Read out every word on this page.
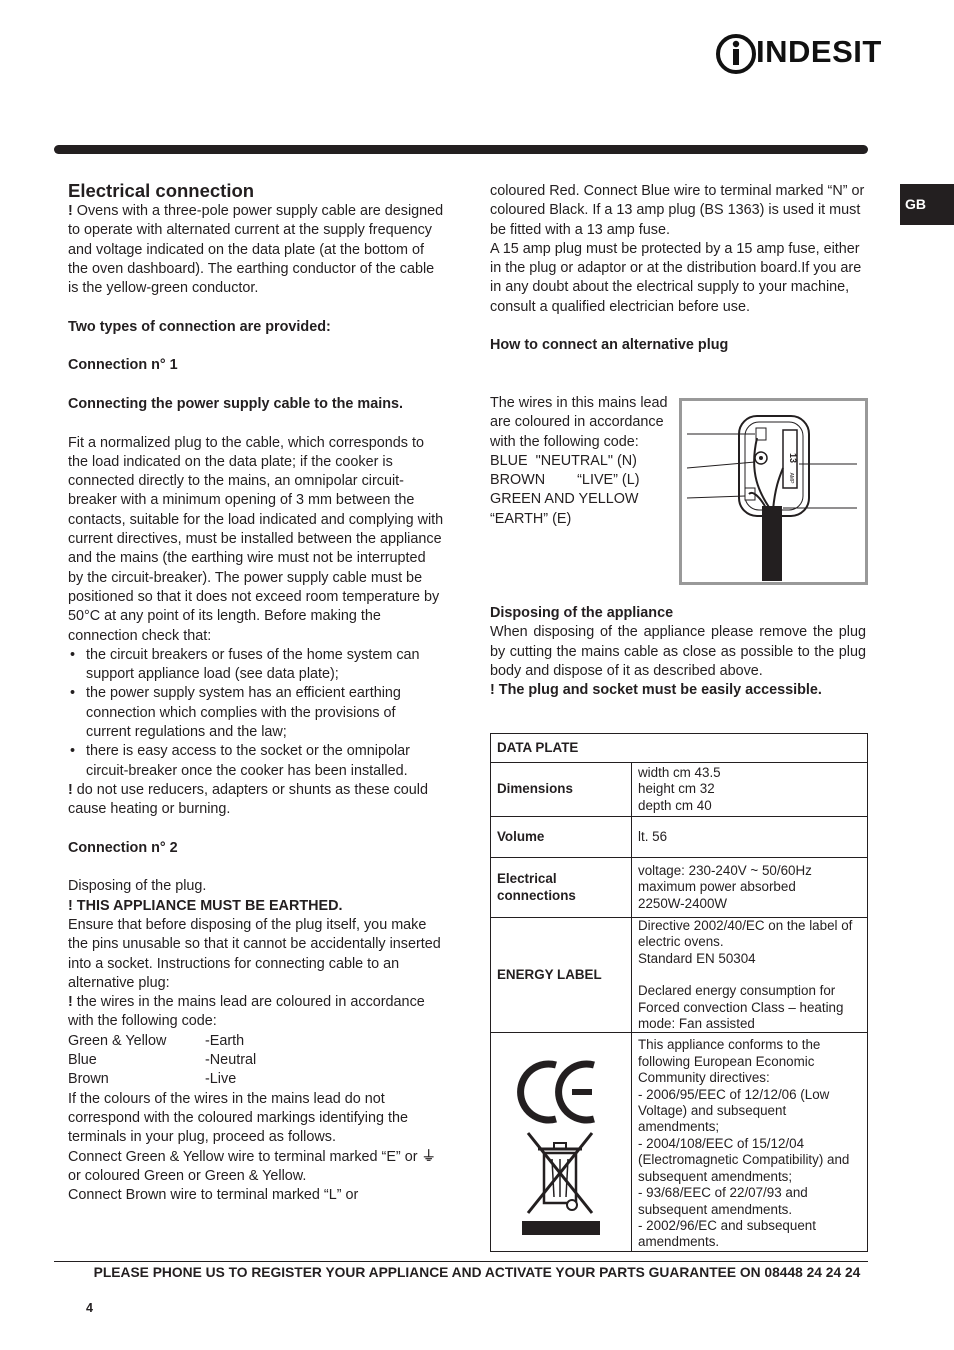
INDESIT
GB

Electrical connection

! Ovens with a three-pole power supply cable are designed to operate with alternated current at the supply frequency and voltage indicated on the data plate (at the bottom of the oven dashboard). The earthing conductor of the cable is the yellow-green conductor.

Two types of connection are provided:

Connection n° 1

Connecting the power supply cable to the mains.

Fit a normalized plug to the cable, which corresponds to the load indicated on the data plate; if the cooker is connected directly to the mains, an omnipolar circuit-breaker with a minimum opening of 3 mm between the contacts, suitable for the load indicated and complying with current directives, must be installed between the appliance and the mains (the earthing wire must not be interrupted by the circuit-breaker). The power supply cable must be positioned so that it does not exceed room temperature by 50°C at any point of its length. Before making the connection check that:

• the circuit breakers or fuses of the home system can support appliance load (see data plate);

• the power supply system has an efficient earthing connection which complies with the provisions of current regulations and the law;

• there is easy access to the socket or the omnipolar circuit-breaker once the cooker has been installed.

! do not use reducers, adapters or shunts as these could cause heating or burning.

Connection n° 2

Disposing of the plug.

! THIS APPLIANCE MUST BE EARTHED.

Ensure that before disposing of the plug itself, you make the pins unusable so that it cannot be accidentally inserted into a socket. Instructions for connecting cable to an alternative plug:

! the wires in the mains lead are coloured in accordance with the following code:

Green & Yellow	-Earth
Blue	-Neutral
Brown	-Live

If the colours of the wires in the mains lead do not correspond with the coloured markings identifying the terminals in your plug, proceed as follows.

Connect Green & Yellow wire to terminal marked “E” or ⏚ or coloured Green or Green & Yellow.

Connect Brown wire to terminal marked “L” or

coloured Red. Connect Blue wire to terminal marked “N” or coloured Black. If a 13 amp plug (BS 1363) is used it must be fitted with a 13 amp fuse.

A 15 amp plug must be protected by a 15 amp fuse, either in the plug or adaptor or at the distribution board.If you are in any doubt about the electrical supply to your machine, consult a qualified electrician before use.

How to connect an alternative plug

The wires in this mains lead are coloured in accordance with the following code:

BLUE  "NEUTRAL" (N)

BROWN        “LIVE” (L)

GREEN AND YELLOW

“EARTH” (E)

13
AMP

Disposing of the appliance

When disposing of the appliance please remove the plug by cutting the mains cable as close as possible to the plug body and dispose of it as described above.

! The plug and socket must be easily accessible.

DATA PLATE	
Dimensions	width cm 43.5
height cm 32
depth cm 40

Volume	lt. 56
Electrical connections	voltage: 230-240V ~ 50/60Hz
maximum power absorbed
2250W-2400W

ENERGY LABEL	Directive 2002/40/EC on the label of electric ovens.
Standard EN 50304
Declared energy consumption for Forced convection Class – heating mode: Fan assisted

This appliance conforms to the following European Economic Community directives:
- 2006/95/EEC of 12/12/06 (Low Voltage) and subsequent amendments;
- 2004/108/EEC of 15/12/04 (Electromagnetic Compatibility) and subsequent amendments;
- 93/68/EEC of 22/07/93 and subsequent amendments.
- 2002/96/EC and subsequent amendments.
PLEASE PHONE US TO REGISTER YOUR APPLIANCE AND ACTIVATE YOUR PARTS GUARANTEE ON 08448 24 24 24
4
